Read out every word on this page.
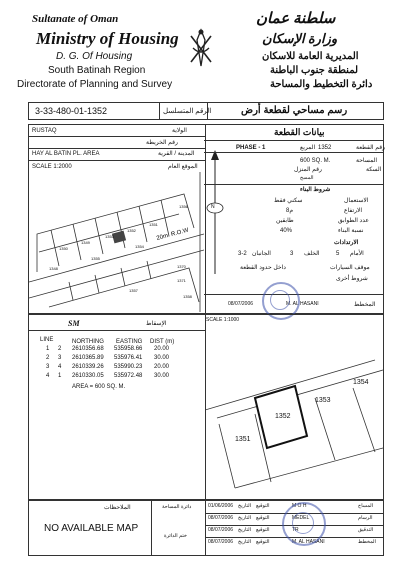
Sultanate of Oman
Ministry of Housing
D. G. Of Housing
South Batinah Region
Directorate of Planning and Survey
سلطنة عمان
وزارة الإسكان
المديرية العامة للاسكان
لمنطقة جنوب الباطنة
دائرة التخطيط والمساحة
3-33-480-01-1352	الرقم المتسلسل	رسم مساحي لقطعة أرض
RUSTAQ	الولاية
رقم الخريطة
HAY AL BATIN PL. AREA	المدينة / القرية
SCALE 1:2000	الموقع العام
20m. R.O.W
1350
1349
1353
1352
1351
1348
1355
1354
1356
1370
1371
1358
1357
N
بيانات القطعة
PHASE - 1	المربع 1352	رقم القطعة
600 SQ. M.	المساحة
رقم المنزل	السكة
المسح
شروط البناء
سكني فقط	الاستعمال
8م	الارتفاع
طابقين	عدد الطوابق
40%	نسبة البناء
الارتدادات
3-2 الجانبان	3 الخلف	5 الأمام
داخل حدود القطعة	موقف السيارات
شروط أخرى
08/07/2006	M. AL HASANI	المخطط
SM	الإسقاط
SCALE 1:1000
LINE	NORTHING EASTING DIST (m)
1 2 2610356.68 535958.66 20.00
2 3 2610365.89 535976.41 30.00
3 4 2610339.26 535990.23 20.00
4 1 2610330.05 535972.48 30.00
AREA = 600 SQ. M.
1352
1353
1354
1351
الملاحظات
NO AVAILABLE MAP
دائرة المساحة
ختم الدائرة
01/06/2006 التاريخ التوقيع	M O H	المساح
08/07/2006 التاريخ التوقيع	MEDEL	الرسام
08/07/2006 التاريخ التوقيع	TR	التدقيق
08/07/2006 التاريخ التوقيع	M. AL HASANI	المخطط
